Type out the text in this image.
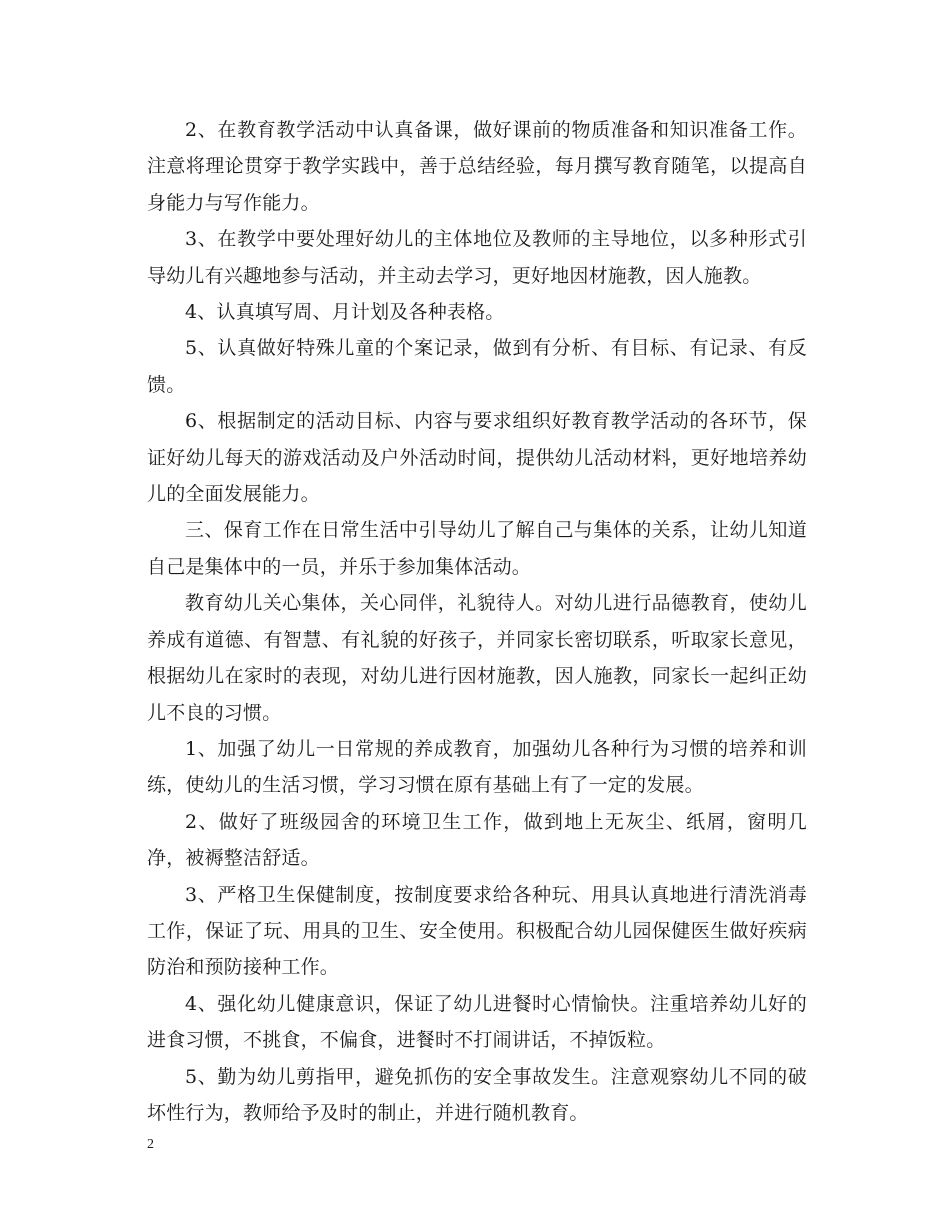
2、在教育教学活动中认真备课，做好课前的物质准备和知识准备工作。注意将理论贯穿于教学实践中，善于总结经验，每月撰写教育随笔，以提高自身能力与写作能力。

3、在教学中要处理好幼儿的主体地位及教师的主导地位，以多种形式引导幼儿有兴趣地参与活动，并主动去学习，更好地因材施教，因人施教。

4、认真填写周、月计划及各种表格。

5、认真做好特殊儿童的个案记录，做到有分析、有目标、有记录、有反馈。

6、根据制定的活动目标、内容与要求组织好教育教学活动的各环节，保证好幼儿每天的游戏活动及户外活动时间，提供幼儿活动材料，更好地培养幼儿的全面发展能力。

三、保育工作在日常生活中引导幼儿了解自己与集体的关系，让幼儿知道自己是集体中的一员，并乐于参加集体活动。

教育幼儿关心集体，关心同伴，礼貌待人。对幼儿进行品德教育，使幼儿养成有道德、有智慧、有礼貌的好孩子，并同家长密切联系，听取家长意见，根据幼儿在家时的表现，对幼儿进行因材施教，因人施教，同家长一起纠正幼儿不良的习惯。

1、加强了幼儿一日常规的养成教育，加强幼儿各种行为习惯的培养和训练，使幼儿的生活习惯，学习习惯在原有基础上有了一定的发展。

2、做好了班级园舍的环境卫生工作，做到地上无灰尘、纸屑，窗明几净，被褥整洁舒适。

3、严格卫生保健制度，按制度要求给各种玩、用具认真地进行清洗消毒工作，保证了玩、用具的卫生、安全使用。积极配合幼儿园保健医生做好疾病防治和预防接种工作。

4、强化幼儿健康意识，保证了幼儿进餐时心情愉快。注重培养幼儿好的进食习惯，不挑食，不偏食，进餐时不打闹讲话，不掉饭粒。

5、勤为幼儿剪指甲，避免抓伤的安全事故发生。注意观察幼儿不同的破坏性行为，教师给予及时的制止，并进行随机教育。

2
